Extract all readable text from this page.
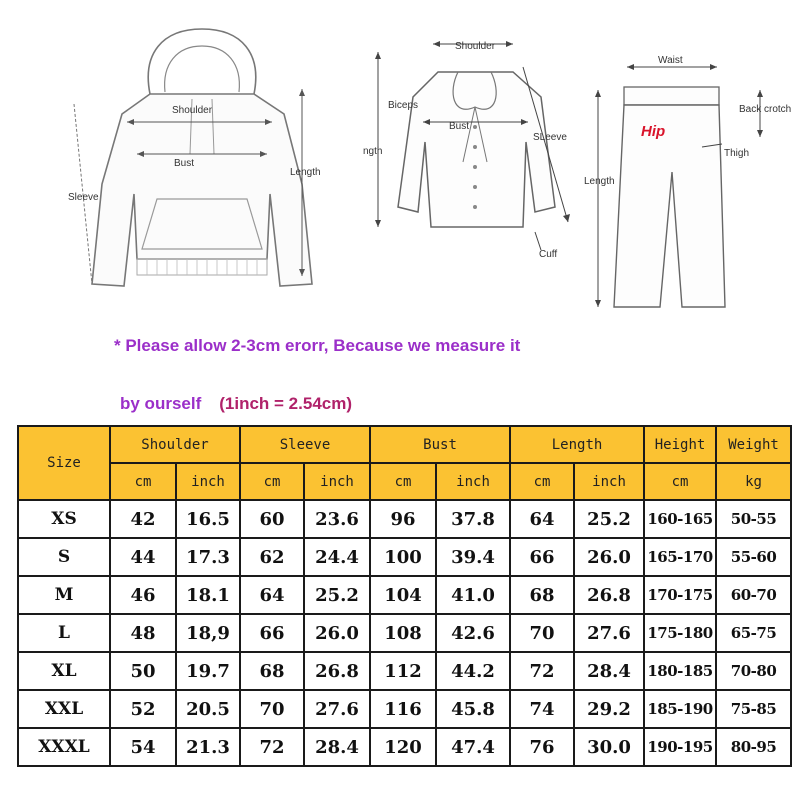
Shoulder
Bust
Sleeve
Length
Shoulder
Biceps
Bust
SLeeve
ngth
Cuff
Waist
Back crotch
Hip
Thigh
Length
* Please allow 2-3cm erorr, Because we measure it
by ourself (1inch = 2.54cm)
Size	Shoulder		Sleeve		Bust		Length		Height	Weight
	cm	inch	cm	inch	cm	inch	cm	inch	cm	kg
XS	42	16.5	60	23.6	96	37.8	64	25.2	160-165	50-55
S	44	17.3	62	24.4	100	39.4	66	26.0	165-170	55-60
M	46	18.1	64	25.2	104	41.0	68	26.8	170-175	60-70
L	48	18,9	66	26.0	108	42.6	70	27.6	175-180	65-75
XL	50	19.7	68	26.8	112	44.2	72	28.4	180-185	70-80
XXL	52	20.5	70	27.6	116	45.8	74	29.2	185-190	75-85
XXXL	54	21.3	72	28.4	120	47.4	76	30.0	190-195	80-95
